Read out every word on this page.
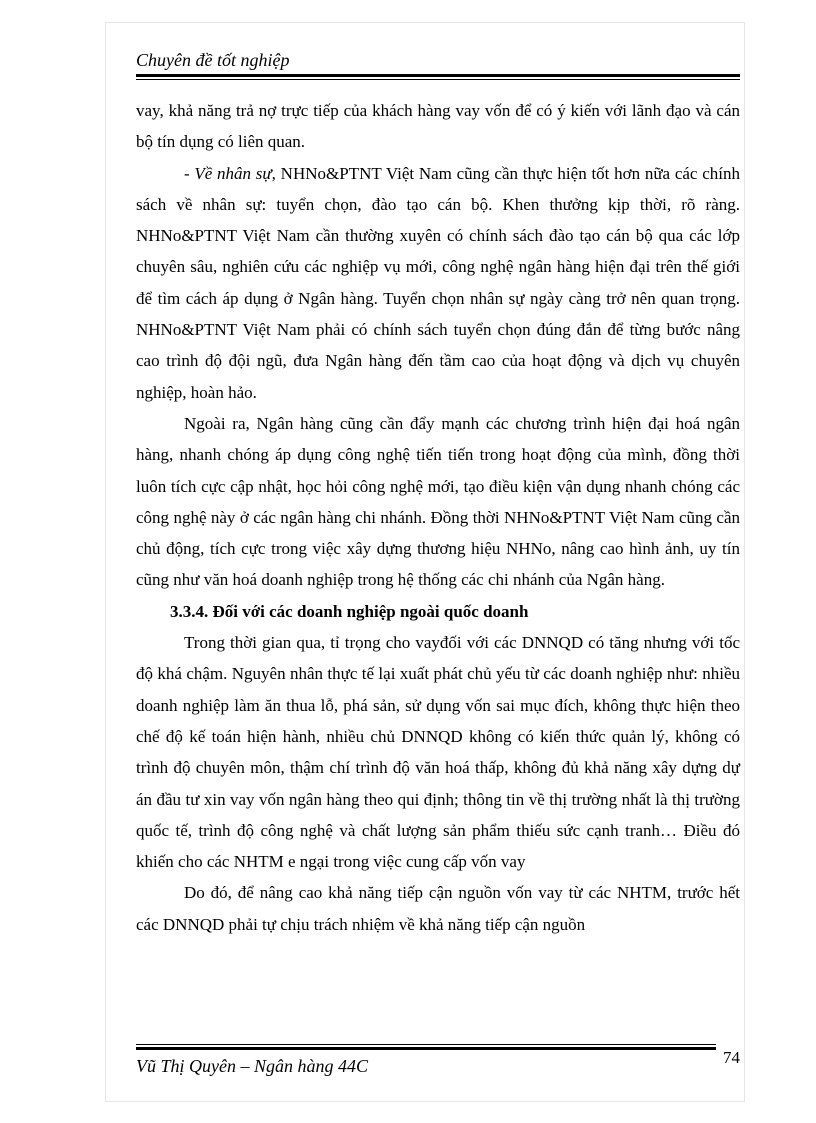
Chuyên đề tốt nghiệp

vay, khả năng trả nợ trực tiếp của khách hàng vay vốn để có ý kiến với lãnh đạo và cán bộ tín dụng có liên quan.

- Về nhân sự, NHNo&PTNT Việt Nam cũng cần thực hiện tốt hơn nữa các chính sách về nhân sự: tuyển chọn, đào tạo cán bộ. Khen thưởng kịp thời, rõ ràng. NHNo&PTNT Việt Nam cần thường xuyên có chính sách đào tạo cán bộ qua các lớp chuyên sâu, nghiên cứu các nghiệp vụ mới, công nghệ ngân hàng hiện đại trên thế giới để tìm cách áp dụng ở Ngân hàng. Tuyển chọn nhân sự ngày càng trở nên quan trọng. NHNo&PTNT Việt Nam phải có chính sách tuyển chọn đúng đắn để từng bước nâng cao trình độ đội ngũ, đưa Ngân hàng đến tầm cao của hoạt động và dịch vụ chuyên nghiệp, hoàn hảo.

Ngoài ra, Ngân hàng cũng cần đẩy mạnh các chương trình hiện đại hoá ngân hàng, nhanh chóng áp dụng công nghệ tiến tiến trong hoạt động của mình, đồng thời luôn tích cực cập nhật, học hỏi công nghệ mới, tạo điều kiện vận dụng nhanh chóng các công nghệ này ở các ngân hàng chi nhánh. Đồng thời NHNo&PTNT Việt Nam cũng cần chủ động, tích cực trong việc xây dựng thương hiệu NHNo, nâng cao hình ảnh, uy tín cũng như văn hoá doanh nghiệp trong hệ thống các chi nhánh của Ngân hàng.

3.3.4. Đối với các doanh nghiệp ngoài quốc doanh

Trong thời gian qua, tỉ trọng cho vayđối với các DNNQD có tăng nhưng với tốc độ khá chậm. Nguyên nhân thực tế lại xuất phát chủ yếu từ các doanh nghiệp như: nhiều doanh nghiệp làm ăn thua lỗ, phá sản, sử dụng vốn sai mục đích, không thực hiện theo chế độ kế toán hiện hành, nhiều chủ DNNQD không có kiến thức quản lý, không có trình độ chuyên môn, thậm chí trình độ văn hoá thấp, không đủ khả năng xây dựng dự án đầu tư xin vay vốn ngân hàng theo qui định; thông tin về thị trường nhất là thị trường quốc tế, trình độ công nghệ và chất lượng sản phẩm thiếu sức cạnh tranh… Điều đó khiến cho các NHTM e ngại trong việc cung cấp vốn vay

Do đó, để nâng cao khả năng tiếp cận nguồn vốn vay từ các NHTM, trước hết các DNNQD phải tự chịu trách nhiệm về khả năng tiếp cận nguồn

Vũ Thị Quyên – Ngân hàng 44C	74
